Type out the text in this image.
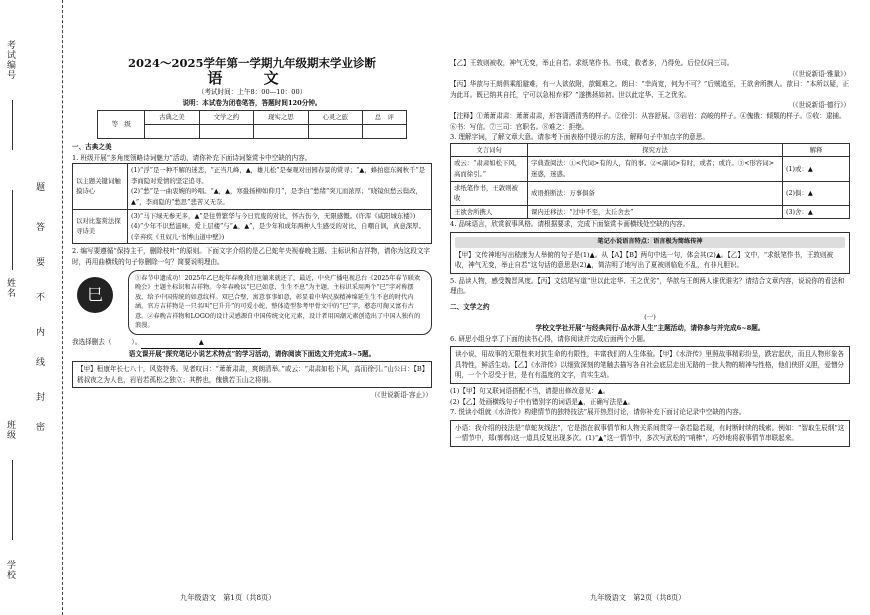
考试编号
姓名
班级
学校
题
答
要
不
内
线
封
密
2024～2025学年第一学期九年级期末学业诊断
语 文

（考试时间：上午8：00—10：00）

说明：本试卷为闭卷笔答，答题时间120分钟。

等　级	古典之美	文学之约	现实之思	心灵之旅	总　评

一、古典之美

1. 班级开展“多角度领略诗词魅力”活动，请你补充下面诗词鉴赏卡中空缺的内容。

以主题关键词触摸诗心	(1)“浮”是一种不解的迷恋，“正当几峰，▲，雄儿松”是秦观对田园春景的赏寻；“▲，蜂拍庭东阁秋千”是李商隐对爱情的坚定追寻。

(2)“愁”是一曲衷婉的吟唱。“▲，▲，寒蛩扬柳如仰月”，是李白“愁绪”突兀而浓厚；“晓镜但愁云鬓改，▲”，李商隐的“愁思”悲苦又无奈。

以对比鉴赏法探寻诗美	(3)“马下绿无参无多，▲”是往曾繁华与今日荒废的对比，怀古伤今，无限感慨。(许浑《咸阳城东楼》)

(4)“少年不识愁滋味，爱上层楼”与“▲，▲”，是少年和成年两种人生感受的对比，自嘲自讽，真意深厚。(辛弃疾《丑奴儿·书博山道中壁》)

2. 编写要遵循“保持主干，删除枝叶”的原则。下面文字介绍的是乙巳蛇年央视春晚主题、主标识和吉祥物，请你为这段文字时，再用曲横线的句子你删除一句？简要说明理由。

巳
①春节申遗成功！2025年乙巳蛇年春晚我们也躺来就还了。最近，中央广播电视总台《2025年春节联欢晚会》主题主标识和吉祥物。今年春晚以“巳巳如意，生生不息”为主题，主标识采用两个“巳”字对称摆放，给予中国传统的如意纹样。双巳合璧，寓意事事如意，彰显着中华民族精神绵延生生不息的时代内涵。官方吉祥物是一只名叫“巳升升”的可爱小蛇，整体造型参考甲骨文中的“巳”字，憨态可掬又富有古意。②春晚吉祥物和LOGO的设计灵感源自中国传统文化元素，设计者用国潮元素创造出了中国人独有的浪漫。

我选择删去（　　　）。	▲

语文课开展“探究笔记小说艺术特点”的学习活动，请你阅读下面选文并完成3~5题。

【甲】桓康年长七八十，风姿特秀。见者叹曰：“萧萧肃肃，爽朗清举。”或云：“肃肃如松下风，高而徐引。”山公曰：【B】嵇叔夜之为人也，岩岩若孤松之独立；其醉也，傀俄若玉山之将崩。

（《世说新语·容止》）

【乙】王敦则被收，神气无变，举止自若。求纸笔作书。书成，救者多，乃得免。后位仅同三司。

（《世说新语·雅量》）

【丙】华歆与王朗俱乘船避难，有一人欲依附，歆辄难之。朗曰：“幸尚宽，何为不可？”后贼追至，王欲舍所携人。歆曰：“本所以疑，正为此耳。既已纳其自托，宁可以急相弃邪？”遂携拯如初。世以此定华、王之优劣。

（《世说新语·德行》）

【注释】①萧萧肃肃：萧萧肃肃，形容潇洒清秀的样子。②徐引：从容舒展。③岩岩：高峻的样子。④傀俄：倾颓的样子。⑤收：逮捕。⑥书：写信。⑦三司：官职名。⑧难之：拒绝。

3. 理解字词，了解文章大意。请参考下面表格中提示的方法，解释句子中加点字的意思。

文言词句	探究方法	解释
或云：“肃肃如松下风，高而徐引。”	字典查阅法：①<代词>有的人，有的事。②<副词>有时，或者；或许。③<形容词>迷惑，迷惑。	(1)或：▲
求纸笔作书，王敦则被收	成语推断法：万事俱备	(2)俱：▲
王欲舍所携人	课内迁移法：“过中不至，太丘舍去”	(3)舍：▲

4. 品味语言，欣赏叙事风格。请根据要求，完成下面鉴赏卡画横线处空缺的内容。

笔记小说语言特点：语言极为简练传神

【甲】文传神地写出嵇康为人举俯的句子是(1)▲。从【A】【B】两句中选一句，体会其(2)▲。【乙】文中，“求纸笔作书，王敦则被收，神气无变，举止自若”这句话的意思是(2)▲，简洁明了地写出了夏被则临危不乱，有非凡胆识。

5. 品读人物，感受魏晋风度。【丙】文结尾写道“世以此定华、王之优劣”，华歆与王朗两人谁优谁劣？请结合文章内容，说说你的看法和理由。

二、文学之约

(一)

学校文学社开展“与经典同行·品水浒人生”主题活动，请你参与并完成6~8题。

6. 研思小组分享了下面的读书心得，请你阅读并完成后面两个小题。

读小说，用故事的无限性来对抗生命的有限性，丰富我们的人生体验。【甲】《水浒传》里照故事精彩纷呈，跌宕起伏，而且人物形象各具特性，鲜活生动。【乙】《水浒传》以细致深刻的笔触去描写各自社会底层走出无路的一批人物的精神与性格，他们侠肝义胆，爱憎分明，一个个忍受于世，是有有温度的文字，真实生动。

(1)【甲】句又联词语搭配不当，请提出修改意见：▲。

(2)【乙】处画横线句子中有错别字的词语是▲，正确写法是▲。

7. 悦读小组就《水浒传》构建情节的独特技法”展开热烈讨论，请你补充下面讨论记录中空缺的内容。

小语：我介绍的技法是“草蛇灰线法”，它是指在叙事情节和人物关系间贯穿一条若隐若现，有时断时续的线索。例如：“智取生辰纲”这一情节中，郑(郸郸)这一道具反复出现多次。(1)“▲”这一情节中，多次写武松的“哨棒”，巧妙地将叙事情节串联起来。

九年级语文　第1页（共8页）	九年级语文　第2页（共8页）
